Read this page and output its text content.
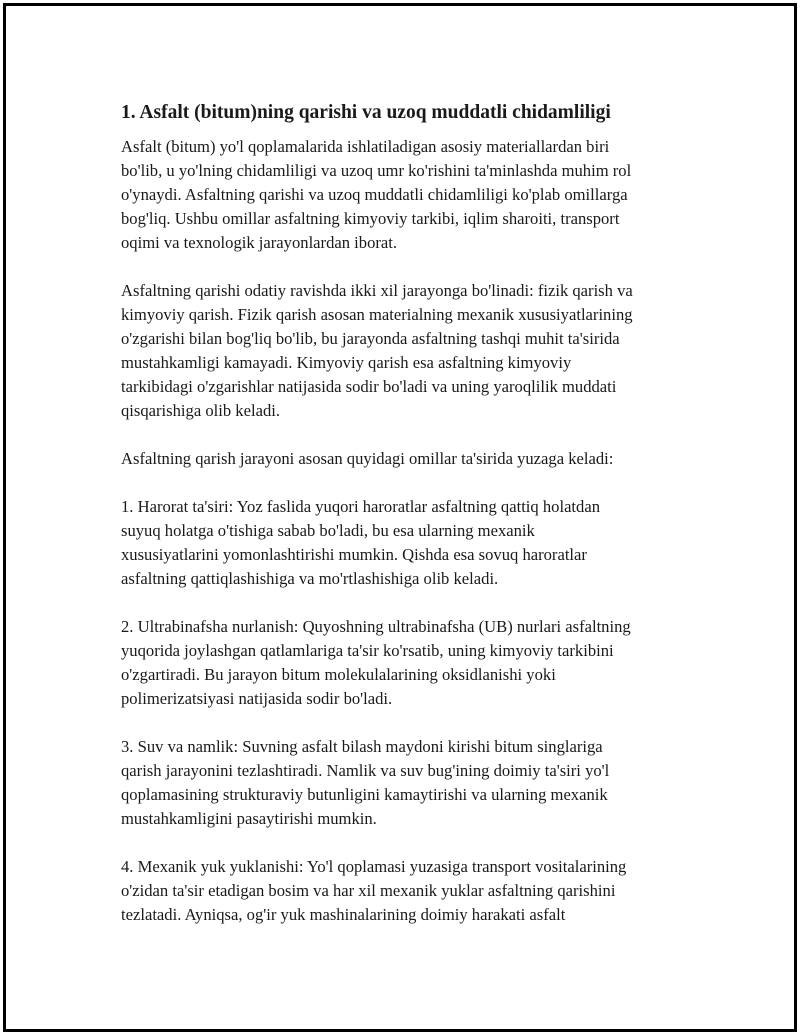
1. Asfalt (bitum)ning qarishi va uzoq muddatli chidamliligi

Asfalt (bitum) yo'l qoplamalarida ishlatiladigan asosiy materiallardan biri
bo'lib, u yo'lning chidamliligi va uzoq umr ko'rishini ta'minlashda muhim rol
o'ynaydi. Asfaltning qarishi va uzoq muddatli chidamliligi ko'plab omillarga
bog'liq. Ushbu omillar asfaltning kimyoviy tarkibi, iqlim sharoiti, transport
oqimi va texnologik jarayonlardan iborat.

Asfaltning qarishi odatiy ravishda ikki xil jarayonga bo'linadi: fizik qarish va
kimyoviy qarish. Fizik qarish asosan materialning mexanik xususiyatlarining
o'zgarishi bilan bog'liq bo'lib, bu jarayonda asfaltning tashqi muhit ta'sirida
mustahkamligi kamayadi. Kimyoviy qarish esa asfaltning kimyoviy
tarkibidagi o'zgarishlar natijasida sodir bo'ladi va uning yaroqlilik muddati
qisqarishiga olib keladi.

Asfaltning qarish jarayoni asosan quyidagi omillar ta'sirida yuzaga keladi:

1. Harorat ta'siri: Yoz faslida yuqori haroratlar asfaltning qattiq holatdan
suyuq holatga o'tishiga sabab bo'ladi, bu esa ularning mexanik
xususiyatlarini yomonlashtirishi mumkin. Qishda esa sovuq haroratlar
asfaltning qattiqlashishiga va mo'rtlashishiga olib keladi.

2. Ultrabinafsha nurlanish: Quyoshning ultrabinafsha (UB) nurlari asfaltning
yuqorida joylashgan qatlamlariga ta'sir ko'rsatib, uning kimyoviy tarkibini
o'zgartiradi. Bu jarayon bitum molekulalarining oksidlanishi yoki
polimerizatsiyasi natijasida sodir bo'ladi.

3. Suv va namlik: Suvning asfalt bilash maydoni kirishi bitum singlariga
qarish jarayonini tezlashtiradi. Namlik va suv bug'ining doimiy ta'siri yo'l
qoplamasining strukturaviy butunligini kamaytirishi va ularning mexanik
mustahkamligini pasaytirishi mumkin.

4. Mexanik yuk yuklanishi: Yo'l qoplamasi yuzasiga transport vositalarining
o'zidan ta'sir etadigan bosim va har xil mexanik yuklar asfaltning qarishini
tezlatadi. Ayniqsa, og'ir yuk mashinalarining doimiy harakati asfalt
